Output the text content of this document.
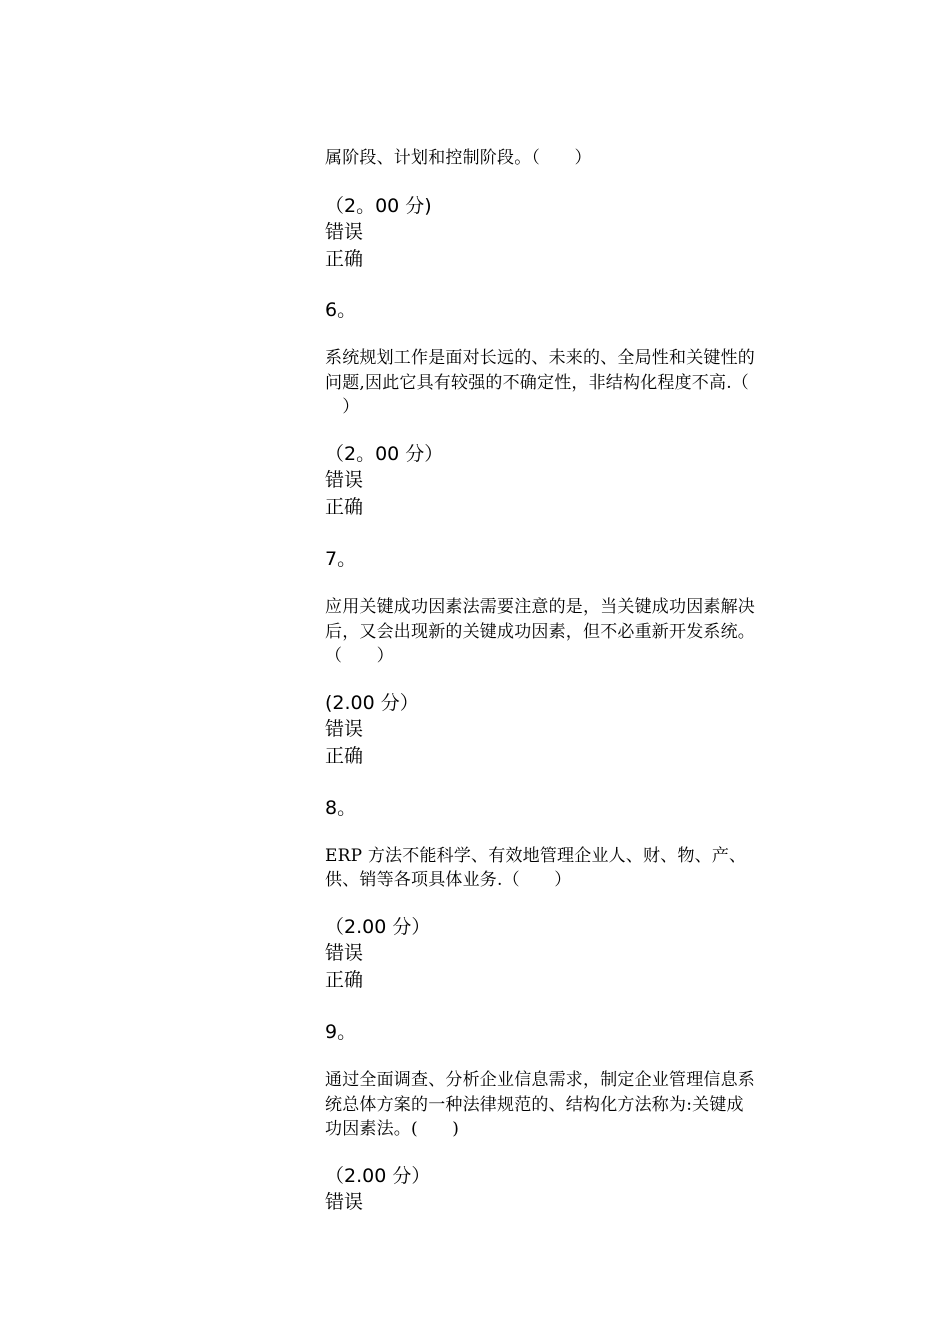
属阶段、计划和控制阶段。（　　）
（2。00 分)
错误
正确
6。
系统规划工作是面对长远的、未来的、全局性和关键性的
问题,因此它具有较强的不确定性，非结构化程度不高.（
　）
（2。00 分）
错误
正确
7。
应用关键成功因素法需要注意的是，当关键成功因素解决
后，又会出现新的关键成功因素，但不必重新开发系统。
（　　）
(2.00 分）
错误
正确
8。
ERP 方法不能科学、有效地管理企业人、财、物、产、
供、销等各项具体业务.（　　）
（2.00 分）
错误
正确
9。
通过全面调查、分析企业信息需求，制定企业管理信息系
统总体方案的一种法律规范的、结构化方法称为:关键成
功因素法。(　　)
（2.00 分）
错误
